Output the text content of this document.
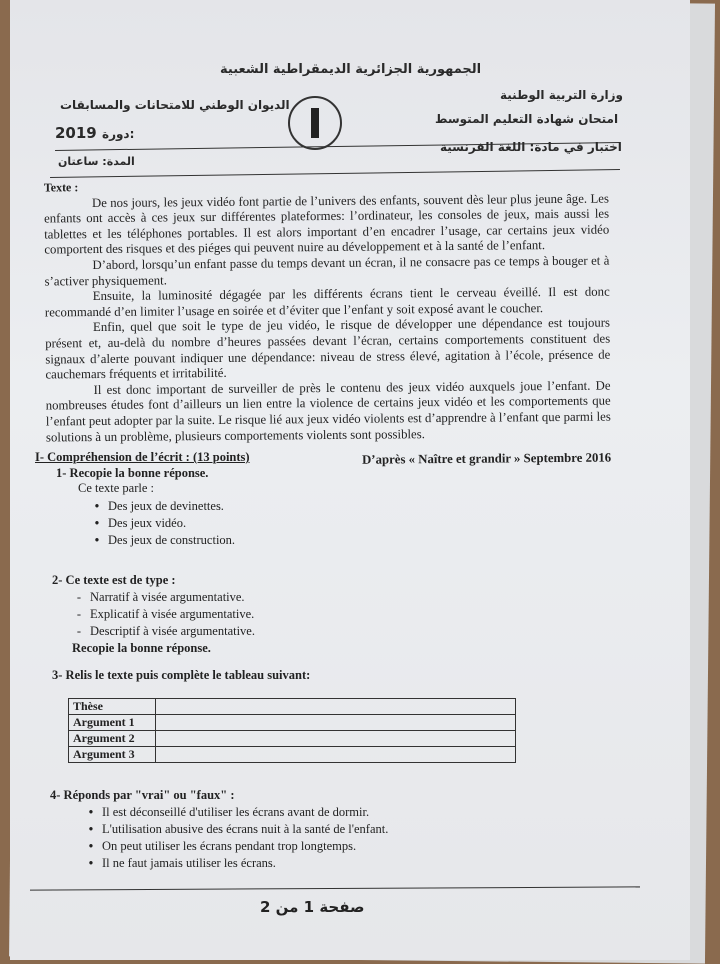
الجمهورية الجزائرية الديمقراطية الشعبية
وزارة التربية الوطنية
الديوان الوطني للامتحانات والمسابقات
امتحان شهادة التعليم المتوسط
2019 دورة:
اختبار في مادة: اللغة الفرنسية
المدة: ساعتان
Texte :

De nos jours, les jeux vidéo font partie de l’univers des enfants, souvent dès leur plus jeune âge. Les enfants ont accès à ces jeux sur différentes plateformes: l’ordinateur, les consoles de jeux, mais aussi les tablettes et les téléphones portables. Il est alors important d’en encadrer l’usage, car certains jeux vidéo comportent des risques et des piéges qui peuvent nuire au développement et à la santé de l’enfant.

D’abord, lorsqu’un enfant passe du temps devant un écran, il ne consacre pas ce temps à bouger et à s’activer physiquement.

Ensuite, la luminosité dégagée par les différents écrans tient le cerveau éveillé. Il est donc recommandé d’en limiter l’usage en soirée et d’éviter que l’enfant y soit exposé avant le coucher.

Enfin, quel que soit le type de jeu vidéo, le risque de développer une dépendance est toujours présent et, au-delà du nombre d’heures passées devant l’écran, certains comportements constituent des signaux d’alerte pouvant indiquer une dépendance: niveau de stress élevé, agitation à l’école, présence de cauchemars fréquents et irritabilité.

Il est donc important de surveiller de près le contenu des jeux vidéo auxquels joue l’enfant. De nombreuses études font d’ailleurs un lien entre la violence de certains jeux vidéo et les comportements que l’enfant peut adopter par la suite. Le risque lié aux jeux vidéo violents est d’apprendre à l’enfant que parmi les solutions à un problème, plusieurs comportements violents sont possibles.

D’après « Naître et grandir » Septembre 2016
I- Compréhension de l’écrit : (13 points)
1- Recopie la bonne réponse.
Ce texte parle :
• Des jeux de devinettes.
• Des jeux vidéo.
• Des jeux de construction.
2- Ce texte est de type :
- Narratif à visée argumentative.
- Explicatif à visée argumentative.
- Descriptif à visée argumentative.
Recopie la bonne réponse.
3- Relis le texte puis complète le tableau suivant:
Thèse	
Argument 1	
Argument 2	
Argument 3	
4- Réponds par "vrai" ou "faux" :
• Il est déconseillé d'utiliser les écrans avant de dormir.
• L'utilisation abusive des écrans nuit à la santé de l'enfant.
• On peut utiliser les écrans pendant trop longtemps.
• Il ne faut jamais utiliser les écrans.
صفحة 1 من 2
